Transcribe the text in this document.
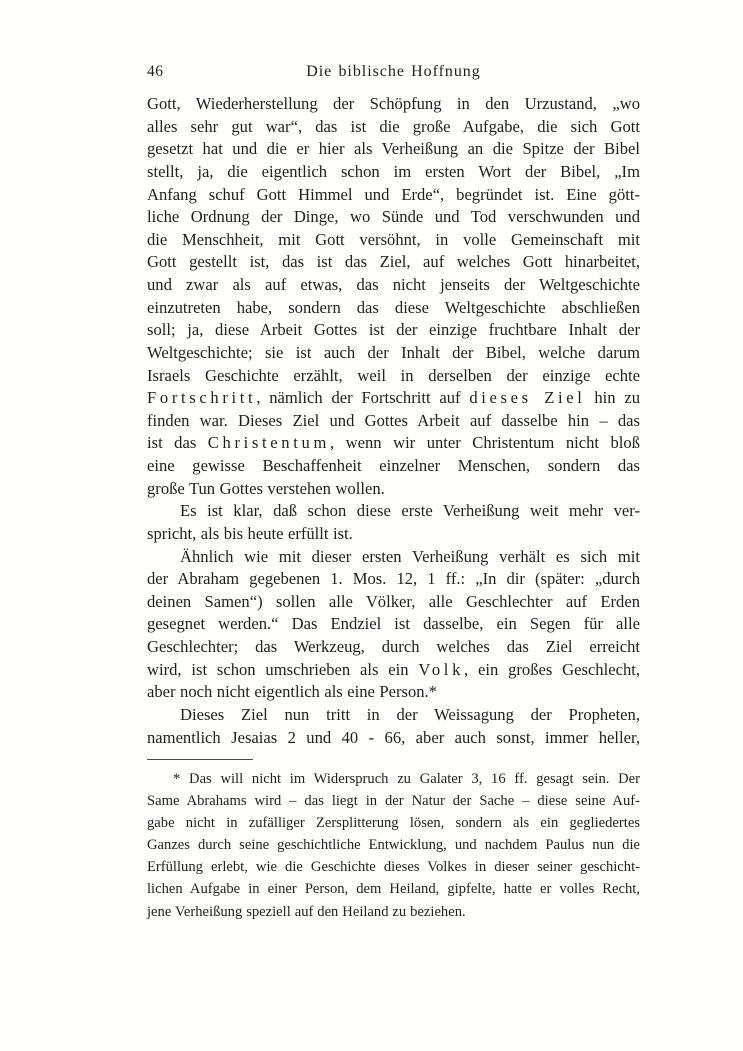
46	Die biblische Hoffnung
Gott, Wiederherstellung der Schöpfung in den Urzustand, „wo
alles sehr gut war“, das ist die große Aufgabe, die sich Gott
gesetzt hat und die er hier als Verheißung an die Spitze der Bibel
stellt, ja, die eigentlich schon im ersten Wort der Bibel, „Im
Anfang schuf Gott Himmel und Erde“, begründet ist. Eine gött-
liche Ordnung der Dinge, wo Sünde und Tod verschwunden und
die Menschheit, mit Gott versöhnt, in volle Gemeinschaft mit
Gott gestellt ist, das ist das Ziel, auf welches Gott hinarbeitet,
und zwar als auf etwas, das nicht jenseits der Weltgeschichte
einzutreten habe, sondern das diese Weltgeschichte abschließen
soll; ja, diese Arbeit Gottes ist der einzige fruchtbare Inhalt der
Weltgeschichte; sie ist auch der Inhalt der Bibel, welche darum
Israels Geschichte erzählt, weil in derselben der einzige echte
Fortschritt, nämlich der Fortschritt auf dieses Ziel hin zu
finden war. Dieses Ziel und Gottes Arbeit auf dasselbe hin – das
ist das Christentum, wenn wir unter Christentum nicht bloß
eine gewisse Beschaffenheit einzelner Menschen, sondern das
große Tun Gottes verstehen wollen.
Es ist klar, daß schon diese erste Verheißung weit mehr ver-
spricht, als bis heute erfüllt ist.
Ähnlich wie mit dieser ersten Verheißung verhält es sich mit
der Abraham gegebenen 1. Mos. 12, 1 ff.: „In dir (später: „durch
deinen Samen“) sollen alle Völker, alle Geschlechter auf Erden
gesegnet werden.“ Das Endziel ist dasselbe, ein Segen für alle
Geschlechter; das Werkzeug, durch welches das Ziel erreicht
wird, ist schon umschrieben als ein Volk, ein großes Geschlecht,
aber noch nicht eigentlich als eine Person.*
Dieses Ziel nun tritt in der Weissagung der Propheten,
namentlich Jesaias 2 und 40 - 66, aber auch sonst, immer heller,
* Das will nicht im Widerspruch zu Galater 3, 16 ff. gesagt sein. Der
Same Abrahams wird – das liegt in der Natur der Sache – diese seine Auf-
gabe nicht in zufälliger Zersplitterung lösen, sondern als ein gegliedertes
Ganzes durch seine geschichtliche Entwicklung, und nachdem Paulus nun die
Erfüllung erlebt, wie die Geschichte dieses Volkes in dieser seiner geschicht-
lichen Aufgabe in einer Person, dem Heiland, gipfelte, hatte er volles Recht,
jene Verheißung speziell auf den Heiland zu beziehen.
